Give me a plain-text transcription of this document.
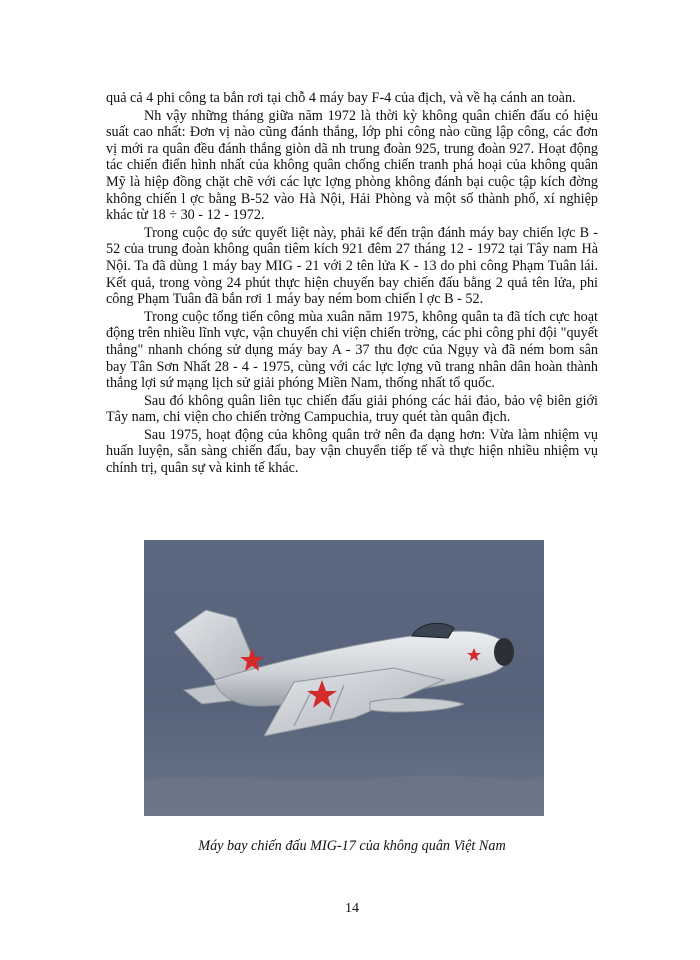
quả cả 4 phi công ta bắn rơi tại chỗ 4 máy bay F-4 của địch, và về hạ cánh an toàn.

Nh vậy những tháng giữa năm 1972 là thời kỳ không quân chiến đấu có hiệu suất cao nhất: Đơn vị nào cũng đánh thắng, lớp phi công nào cũng lập công, các đơn vị mới ra quân đều đánh thắng giòn dã nh trung đoàn 925, trung đoàn 927. Hoạt động tác chiến điển hình nhất của không quân chống chiến tranh phá hoại của không quân Mỹ là hiệp đồng chặt chẽ với các lực lợng phòng không đánh bại cuộc tập kích đờng không chiến l ợc bằng B-52 vào Hà Nội, Hải Phòng và một số thành phố, xí nghiệp khác từ 18 ÷ 30 - 12 - 1972.

Trong cuộc đọ sức quyết liệt này, phải kể đến trận đánh máy bay chiến lợc B - 52 của trung đoàn không quân tiêm kích 921 đêm 27 tháng 12 - 1972 tại Tây nam Hà Nội. Ta đã dùng 1 máy bay MIG - 21 với 2 tên lửa K - 13 do phi công Phạm Tuân lái. Kết quả, trong vòng 24 phút thực hiện chuyến bay chiến đấu bằng 2 quả tên lửa, phi công Phạm Tuân đã bắn rơi 1 máy bay ném bom chiến l ợc B - 52.

Trong cuộc tổng tiến công mùa xuân năm 1975, không quân ta đã tích cực hoạt động trên nhiều lĩnh vực, vận chuyển chi viện chiến trờng, các phi công phi đội "quyết thắng" nhanh chóng sử dụng máy bay A - 37 thu đợc của Ngụy và đã ném bom sân bay Tân Sơn Nhất 28 - 4 - 1975, cùng với các lực lợng vũ trang nhân dân hoàn thành thắng lợi sứ mạng lịch sử giải phóng Miền Nam, thống nhất tổ quốc.

Sau đó không quân liên tục chiến đấu giải phóng các hải đảo, bảo vệ biên giới Tây nam, chi viện cho chiến trờng Campuchia, truy quét tàn quân địch.

Sau 1975, hoạt động của không quân trở nên đa dạng hơn: Vừa làm nhiệm vụ huấn luyện, sẵn sàng chiến đấu, bay vận chuyển tiếp tế và thực hiện nhiều nhiệm vụ chính trị, quân sự và kinh tế khác.

Máy bay chiến đấu MIG-17 của không quân Việt Nam
14
